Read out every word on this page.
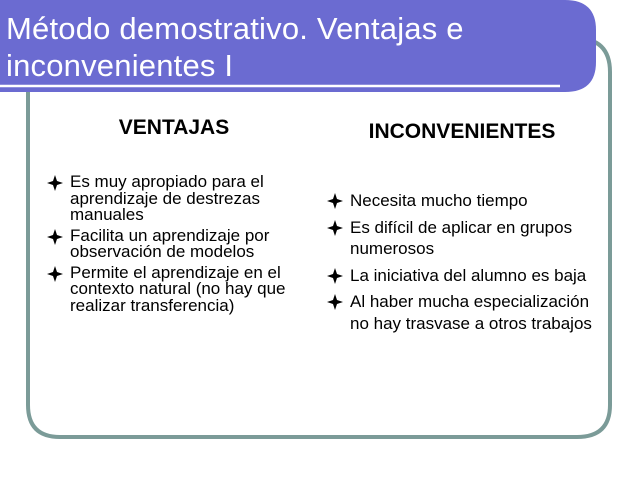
Método demostrativo. Ventajas e
inconvenientes I
VENTAJAS	INCONVENIENTES
Es muy apropiado para el aprendizaje de destrezas manuales
Facilita un aprendizaje por observación de modelos
Permite el aprendizaje en el contexto natural (no hay que realizar transferencia)
Necesita mucho tiempo
Es difícil de aplicar en grupos numerosos
La iniciativa del alumno es baja
Al haber mucha especialización no hay trasvase a otros trabajos
